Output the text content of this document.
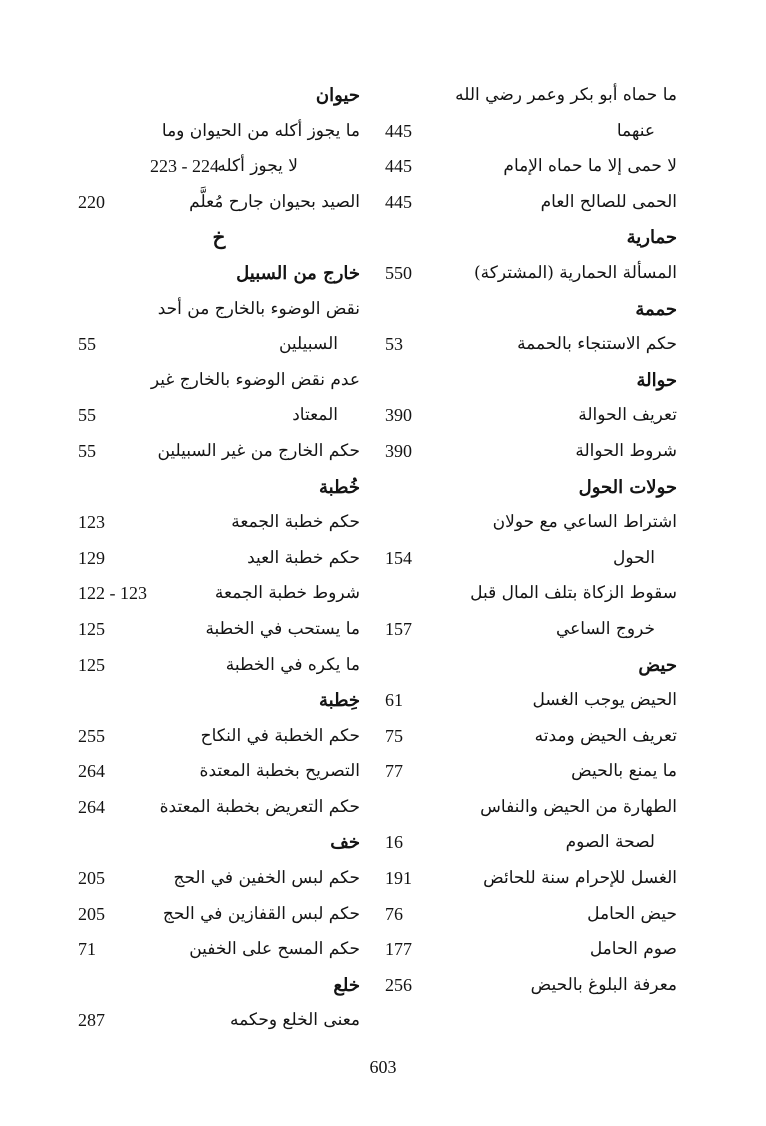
ما حماه أبو بكر وعمر رضي الله
عنهما
445
لا حمى إلا ما حماه الإمام
445
الحمى للصالح العام
445
حمارية
المسألة الحمارية (المشتركة)
550
حممة
حكم الاستنجاء بالحممة
53
حوالة
تعريف الحوالة
390
شروط الحوالة
390
حولات الحول
اشتراط الساعي مع حولان
الحول
154
سقوط الزكاة بتلف المال قبل
خروج الساعي
157
حيض
الحيض يوجب الغسل
61
تعريف الحيض ومدته
75
ما يمنع بالحيض
77
الطهارة من الحيض والنفاس
لصحة الصوم
16
الغسل للإحرام سنة للحائض
191
حيض الحامل
76
صوم الحامل
177
معرفة البلوغ بالحيض
256
حيوان
ما يجوز أكله من الحيوان وما
لا يجوز أكله
223 - 224
الصيد بحيوان جارح مُعلَّم
220
خ
خارج من السبيل
نقض الوضوء بالخارج من أحد
السبيلين
55
عدم نقض الوضوء بالخارج غير
المعتاد
55
حكم الخارج من غير السبيلين
55
خُطبة
حكم خطبة الجمعة
123
حكم خطبة العيد
129
شروط خطبة الجمعة
122 - 123
ما يستحب في الخطبة
125
ما يكره في الخطبة
125
خِطبة
حكم الخطبة في النكاح
255
التصريح بخطبة المعتدة
264
حكم التعريض بخطبة المعتدة
264
خف
حكم لبس الخفين في الحج
205
حكم لبس القفازين في الحج
205
حكم المسح على الخفين
71
خلع
معنى الخلع وحكمه
287
603
